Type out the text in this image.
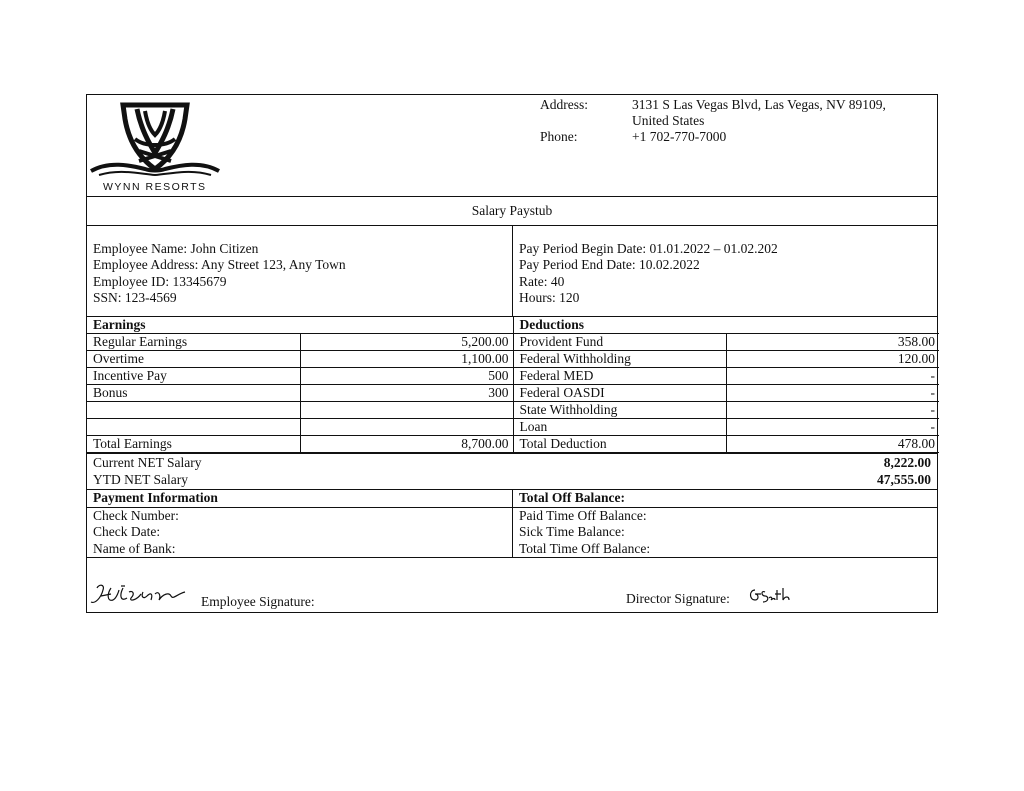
WYNN RESORTS
Address:	3131 S Las Vegas Blvd, Las Vegas, NV 89109,
United States
Phone:	+1 702-770-7000
Salary Paystub
Employee Name: John Citizen
Employee Address: Any Street 123, Any Town
Employee ID: 13345679
SSN: 123-4569
Pay Period Begin Date: 01.01.2022 – 01.02.202
Pay Period End Date: 10.02.2022
Rate: 40
Hours: 120
Earnings		Deductions	
Regular Earnings	5,200.00	Provident Fund	358.00
Overtime	1,100.00	Federal Withholding	120.00
Incentive Pay	500	Federal MED	-
Bonus	300	Federal OASDI	-
		State Withholding	-
		Loan	-
Total Earnings	8,700.00	Total Deduction	478.00
Current NET Salary	8,222.00
YTD NET Salary	47,555.00
Payment Information
Check Number:
Check Date:
Name of Bank:
Total Off Balance:
Paid Time Off Balance:
Sick Time Balance:
Total Time Off Balance:
Employee Signature:	Director Signature:
